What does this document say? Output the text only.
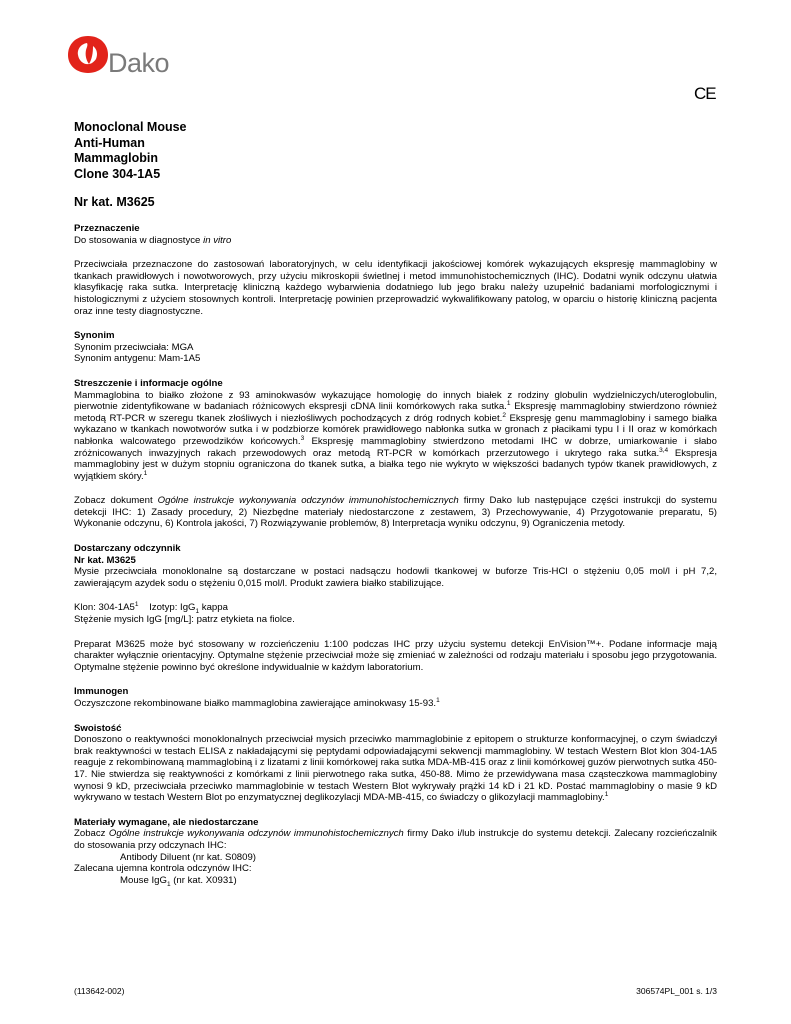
Dako
CE
Monoclonal Mouse
Anti-Human
Mammaglobin
Clone 304-1A5
Nr kat. M3625

Przeznaczenie

Do stosowania w diagnostyce in vitro

Przeciwciała przeznaczone do zastosowań laboratoryjnych, w celu identyfikacji jakościowej komórek wykazujących ekspresję mammaglobiny w tkankach prawidłowych i nowotworowych, przy użyciu mikroskopii świetlnej i metod immunohistochemicznych (IHC). Dodatni wynik odczynu ułatwia klasyfikację raka sutka. Interpretację kliniczną każdego wybarwienia dodatniego lub jego braku należy uzupełnić badaniami morfologicznymi i histologicznymi z użyciem stosownych kontroli. Interpretację powinien przeprowadzić wykwalifikowany patolog, w oparciu o historię kliniczną pacjenta oraz inne testy diagnostyczne.

Synonim

Synonim przeciwciała: MGA

Synonim antygenu: Mam-1A5

Streszczenie i informacje ogólne

Mammaglobina to białko złożone z 93 aminokwasów wykazujące homologię do innych białek z rodziny globulin wydzielniczych/uteroglobulin, pierwotnie zidentyfikowane w badaniach różnicowych ekspresji cDNA linii komórkowych raka sutka.$^1$ Ekspresję mammaglobiny stwierdzono również metodą RT-PCR w szeregu tkanek złośliwych i niezłośliwych pochodzących z dróg rodnych kobiet.$^2$ Ekspresję genu mammaglobiny i samego białka wykazano w tkankach nowotworów sutka i w podzbiorze komórek prawidłowego nabłonka sutka w gronach z płacikami typu I i II oraz w komórkach nabłonka walcowatego przewodzików końcowych.$^3$ Ekspresję mammaglobiny stwierdzono metodami IHC w dobrze, umiarkowanie i słabo zróżnicowanych inwazyjnych rakach przewodowych oraz metodą RT-PCR w komórkach przerzutowego i ukrytego raka sutka.$^{3,4}$ Ekspresja mammaglobiny jest w dużym stopniu ograniczona do tkanek sutka, a białka tego nie wykryto w większości badanych typów tkanek prawidłowych, z wyjątkiem skóry.$^1$

Zobacz dokument Ogólne instrukcje wykonywania odczynów immunohistochemicznych firmy Dako lub następujące części instrukcji do systemu detekcji IHC: 1) Zasady procedury, 2) Niezbędne materiały niedostarczone z zestawem, 3) Przechowywanie, 4) Przygotowanie preparatu, 5) Wykonanie odczynu, 6) Kontrola jakości, 7) Rozwiązywanie problemów, 8) Interpretacja wyniku odczynu, 9) Ograniczenia metody.

Dostarczany odczynnik

Nr kat. M3625

Mysie przeciwciała monoklonalne są dostarczane w postaci nadsączu hodowli tkankowej w buforze Tris-HCl o stężeniu 0,05 mol/l i pH 7,2, zawierającym azydek sodu o stężeniu 0,015 mol/l. Produkt zawiera białko stabilizujące.

Klon: $304-1A5^1$ Izotyp: IgG$_1$ kappa

Stężenie mysich IgG [mg/L]: patrz etykieta na fiolce.

Preparat M3625 może być stosowany w rozcieńczeniu 1:100 podczas IHC przy użyciu systemu detekcji EnVision™+. Podane informacje mają charakter wyłącznie orientacyjny. Optymalne stężenie przeciwciał może się zmieniać w zależności od rodzaju materiału i sposobu jego przygotowania. Optymalne stężenie powinno być określone indywidualnie w każdym laboratorium.

Immunogen

Oczyszczone rekombinowane białko mammaglobina zawierające aminokwasy 15-93.$^1$

Swoistość

Donoszono o reaktywności monoklonalnych przeciwciał mysich przeciwko mammaglobinie z epitopem o strukturze konformacyjnej, o czym świadczył brak reaktywności w testach ELISA z nakładającymi się peptydami odpowiadającymi sekwencji mammaglobiny. W testach Western Blot klon 304-1A5 reaguje z rekombinowaną mammaglobiną i z lizatami z linii komórkowej raka sutka MDA-MB-415 oraz z linii komórkowej guzów pierwotnych sutka 450-17. Nie stwierdza się reaktywności z komórkami z linii pierwotnego raka sutka, 450-88. Mimo że przewidywana masa cząsteczkowa mammaglobiny wynosi 9 kD, przeciwciała przeciwko mammaglobinie w testach Western Blot wykrywały prążki 14 kD i 21 kD. Postać mammaglobiny o masie 9 kD wykrywano w testach Western Blot po enzymatycznej deglikozylacji MDA-MB-415, co świadczy o glikozylacji mammaglobiny.$^1$

Materiały wymagane, ale niedostarczane

Zobacz Ogólne instrukcje wykonywania odczynów immunohistochemicznych firmy Dako i/lub instrukcje do systemu detekcji. Zalecany rozcieńczalnik do stosowania przy odczynach IHC:

Antibody Diluent (nr kat. S0809)

Zalecana ujemna kontrola odczynów IHC:

Mouse IgG$_1$ (nr kat. X0931)

(113642-002)	306574PL_001 s. 1/3
